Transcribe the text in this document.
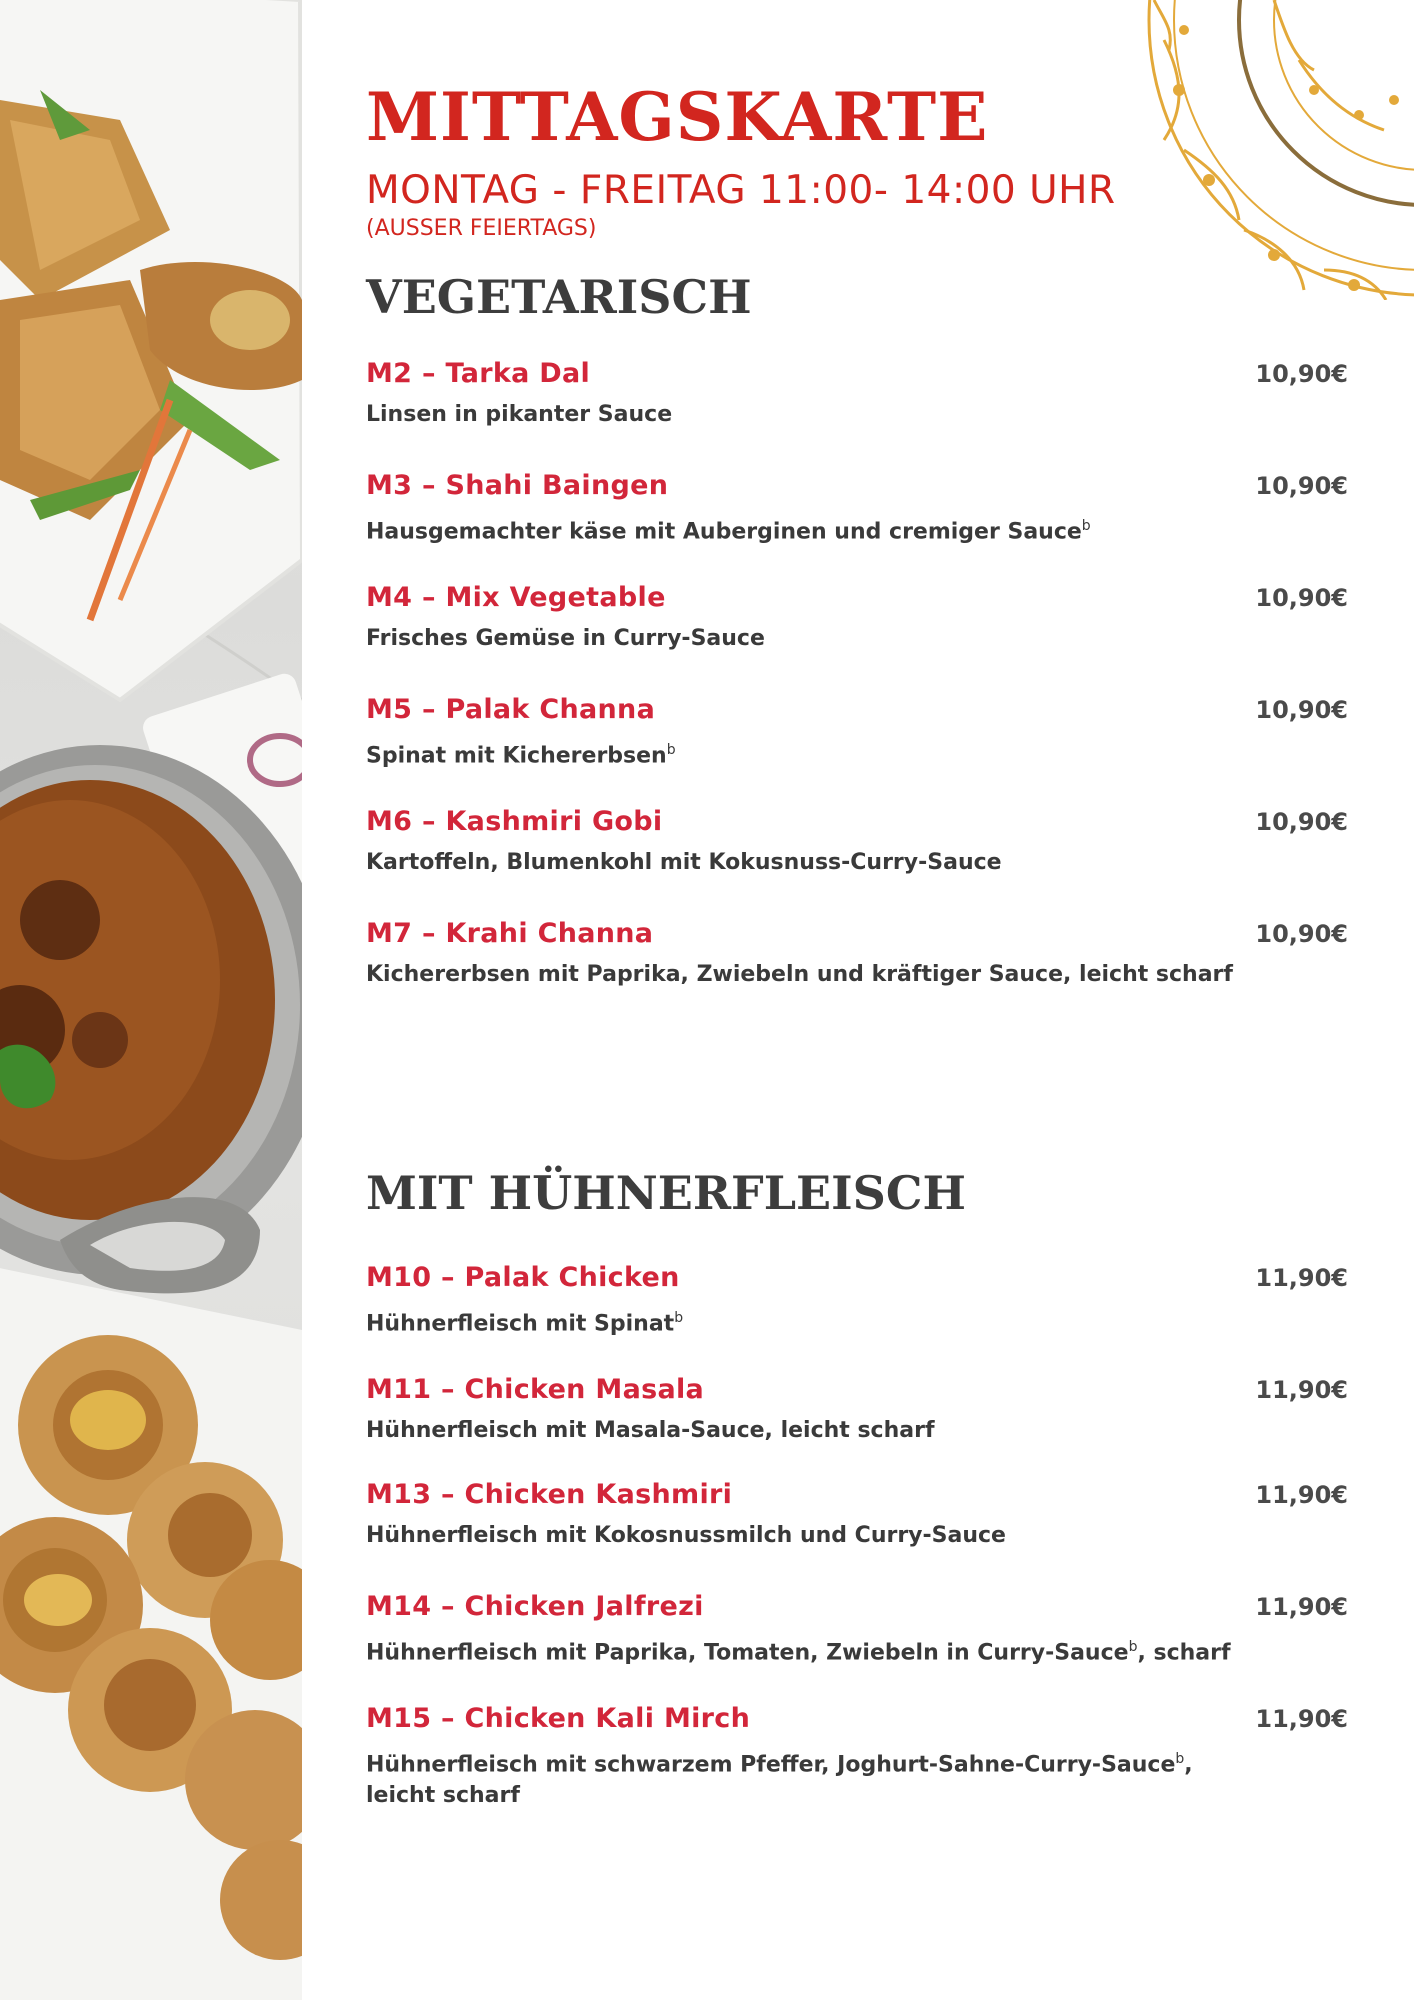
MITTAGSKARTE
MONTAG - FREITAG 11:00- 14:00 UHR
(AUSSER FEIERTAGS)
VEGETARISCH
M2 – Tarka Dal	10,90€
Linsen in pikanter Sauce
M3 – Shahi Baingen	10,90€
Hausgemachter käse mit Auberginen und cremiger Sauce$^b$
M4 – Mix Vegetable	10,90€
Frisches Gemüse in Curry-Sauce
M5 – Palak Channa	10,90€
Spinat mit Kichererbsen$^b$
M6 – Kashmiri Gobi	10,90€
Kartoffeln, Blumenkohl mit Kokusnuss-Curry-Sauce
M7 – Krahi Channa	10,90€
Kichererbsen mit Paprika, Zwiebeln und kräftiger Sauce, leicht scharf
MIT HÜHNERFLEISCH
M10 – Palak Chicken	11,90€
Hühnerfleisch mit Spinat$^b$
M11 – Chicken Masala	11,90€
Hühnerfleisch mit Masala-Sauce, leicht scharf
M13 – Chicken Kashmiri	11,90€
Hühnerfleisch mit Kokosnussmilch und Curry-Sauce
M14 – Chicken Jalfrezi	11,90€
Hühnerfleisch mit Paprika, Tomaten, Zwiebeln in Curry-Sauce$^b$, scharf
M15 – Chicken Kali Mirch	11,90€
Hühnerfleisch mit schwarzem Pfeffer, Joghurt-Sahne-Curry-Sauce$^b$, leicht scharf
